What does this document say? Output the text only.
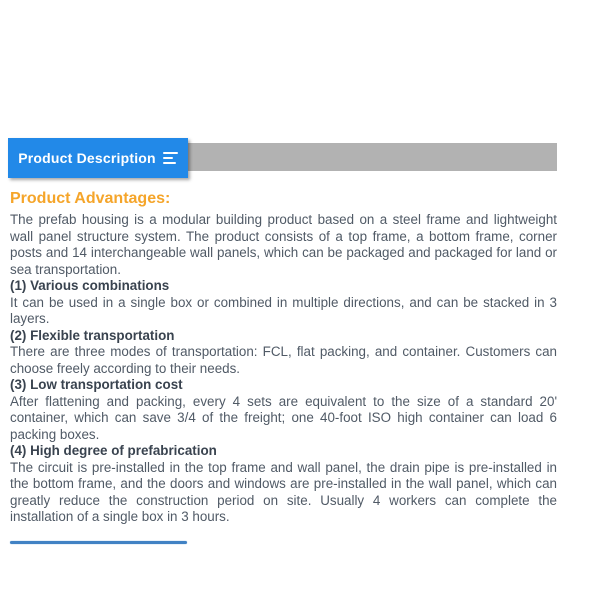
Product Description
Product Advantages:

The prefab housing is a modular building product based on a steel frame and lightweight wall panel structure system. The product consists of a top frame, a bottom frame, corner posts and 14 interchangeable wall panels, which can be packaged and packaged for land or sea transportation.

(1) Various combinations

It can be used in a single box or combined in multiple directions, and can be stacked in 3 layers.

(2) Flexible transportation

There are three modes of transportation: FCL, flat packing, and container. Customers can choose freely according to their needs.

(3) Low transportation cost

After flattening and packing, every 4 sets are equivalent to the size of a standard 20' container, which can save 3/4 of the freight; one 40-foot ISO high container can load 6 packing boxes.

(4) High degree of prefabrication

The circuit is pre-installed in the top frame and wall panel, the drain pipe is pre-installed in the bottom frame, and the doors and windows are pre-installed in the wall panel, which can greatly reduce the construction period on site. Usually 4 workers can complete the installation of a single box in 3 hours.
